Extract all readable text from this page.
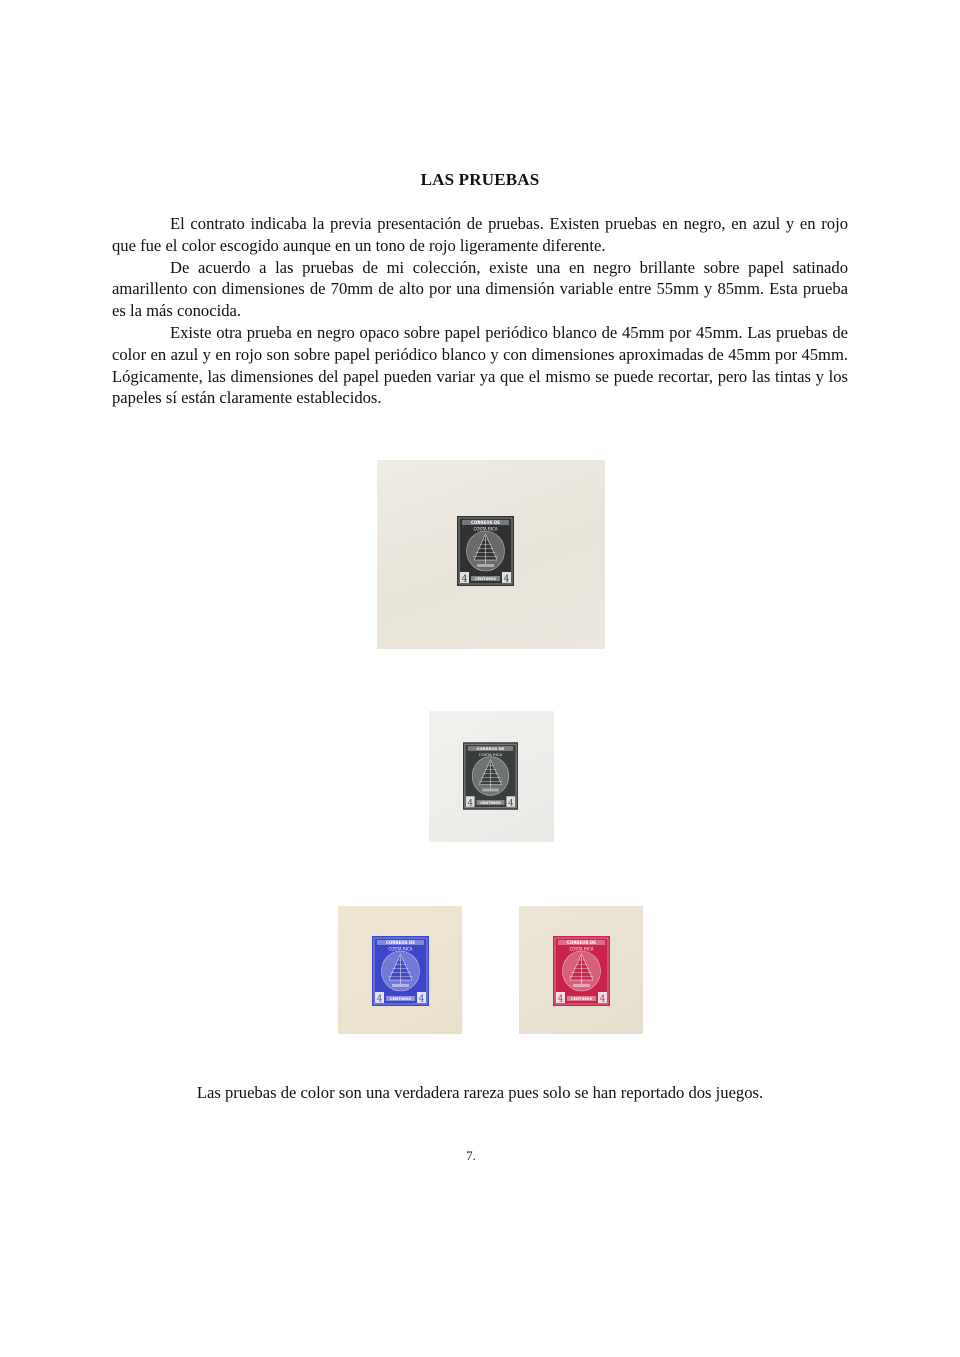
LAS PRUEBAS

El contrato indicaba la previa presentación de pruebas. Existen pruebas en negro, en azul y en rojo que fue el color escogido aunque en un tono de rojo ligeramente diferente.

De acuerdo a las pruebas de mi colección, existe una en negro brillante sobre papel satinado amarillento con dimensiones de 70mm de alto por una dimensión variable entre 55mm y 85mm. Esta prueba es la más conocida.

Existe otra prueba en negro opaco sobre papel periódico blanco de 45mm por 45mm. Las pruebas de color en azul y en rojo son sobre papel periódico blanco y con dimensiones aproximadas de 45mm por 45mm. Lógicamente, las dimensiones del papel pueden variar ya que el mismo se puede recortar, pero las tintas y los papeles sí están claramente establecidos.

CORREOS DE
COSTA RICA
4	4
CENTIMOS
CORREOS DE
COSTA RICA
4	4
CENTIMOS
CORREOS DE
COSTA RICA
4	4
CENTIMOS
CORREOS DE
COSTA RICA
4	4
CENTIMOS
Las pruebas de color son una verdadera rareza pues solo se han reportado dos juegos.
7.
